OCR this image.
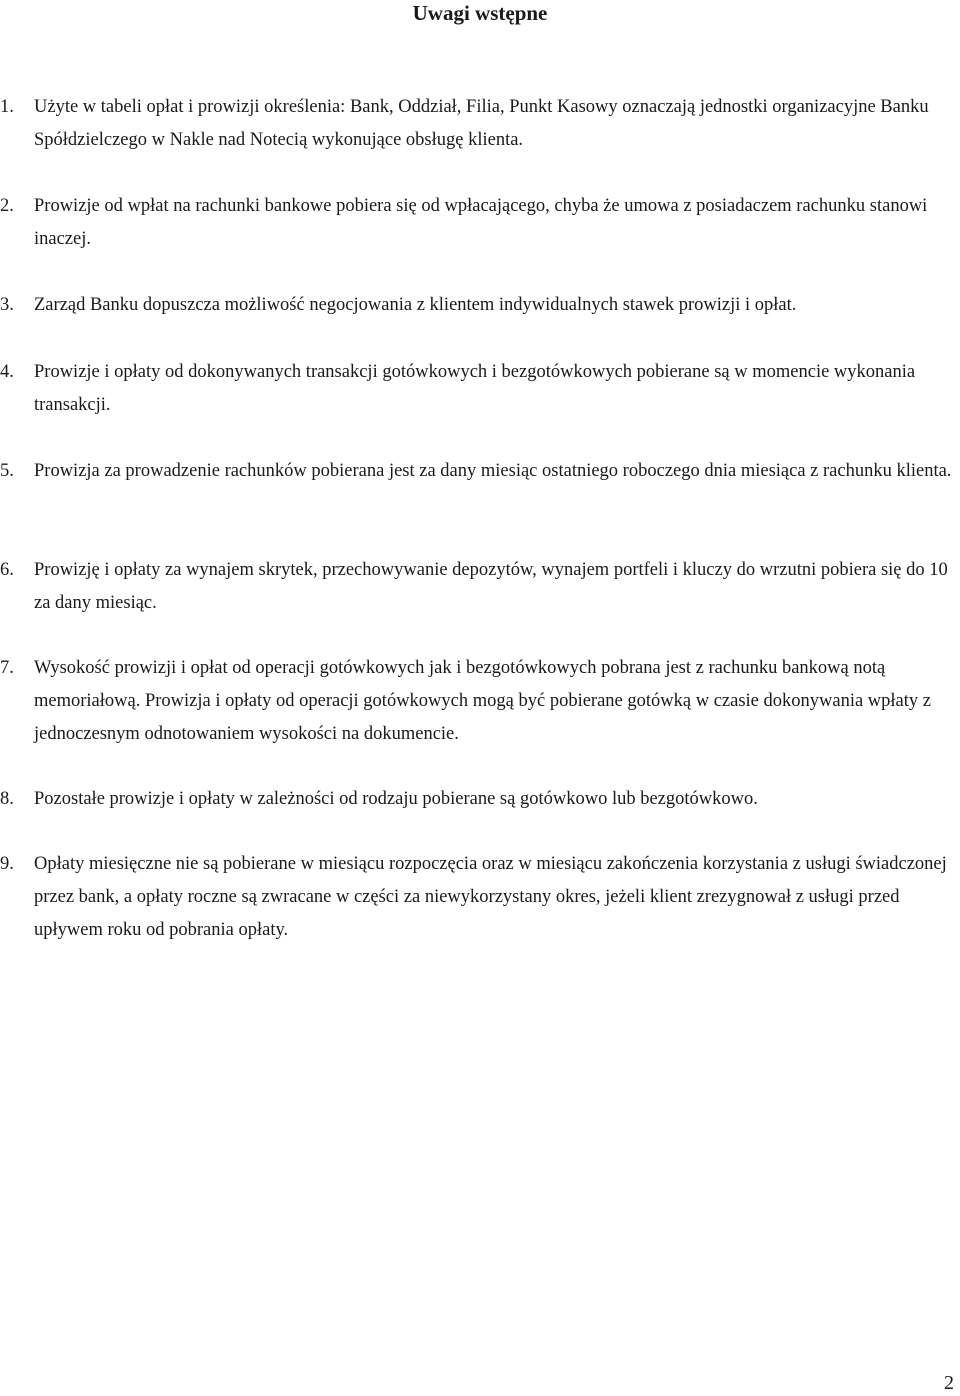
Uwagi wstępne
1. Użyte w tabeli opłat i prowizji określenia: Bank, Oddział, Filia, Punkt Kasowy oznaczają jednostki organizacyjne Banku Spółdzielczego w Nakle nad Notecią wykonujące obsługę klienta.
2. Prowizje od wpłat na rachunki bankowe pobiera się od wpłacającego, chyba że umowa z posiadaczem rachunku stanowi inaczej.
3. Zarząd Banku dopuszcza możliwość negocjowania z klientem indywidualnych stawek prowizji i opłat.
4. Prowizje i opłaty od dokonywanych transakcji gotówkowych i bezgotówkowych pobierane są w momencie wykonania transakcji.
5. Prowizja za prowadzenie rachunków pobierana jest za dany miesiąc ostatniego roboczego dnia miesiąca z rachunku klienta.
6. Prowizję i opłaty za wynajem skrytek, przechowywanie depozytów, wynajem portfeli i kluczy do wrzutni pobiera się do 10 za dany miesiąc.
7. Wysokość prowizji i opłat od operacji gotówkowych jak i bezgotówkowych pobrana jest z rachunku bankową notą memoriałową. Prowizja i opłaty od operacji gotówkowych mogą być pobierane gotówką w czasie dokonywania wpłaty z jednoczesnym odnotowaniem wysokości na dokumencie.
8. Pozostałe prowizje i opłaty w zależności od rodzaju pobierane są gotówkowo lub bezgotówkowo.
9. Opłaty miesięczne nie są pobierane w miesiącu rozpoczęcia oraz w miesiącu zakończenia korzystania z usługi świadczonej przez bank, a opłaty roczne są zwracane w części za niewykorzystany okres, jeżeli klient zrezygnował z usługi przed upływem roku od pobrania opłaty.
2
